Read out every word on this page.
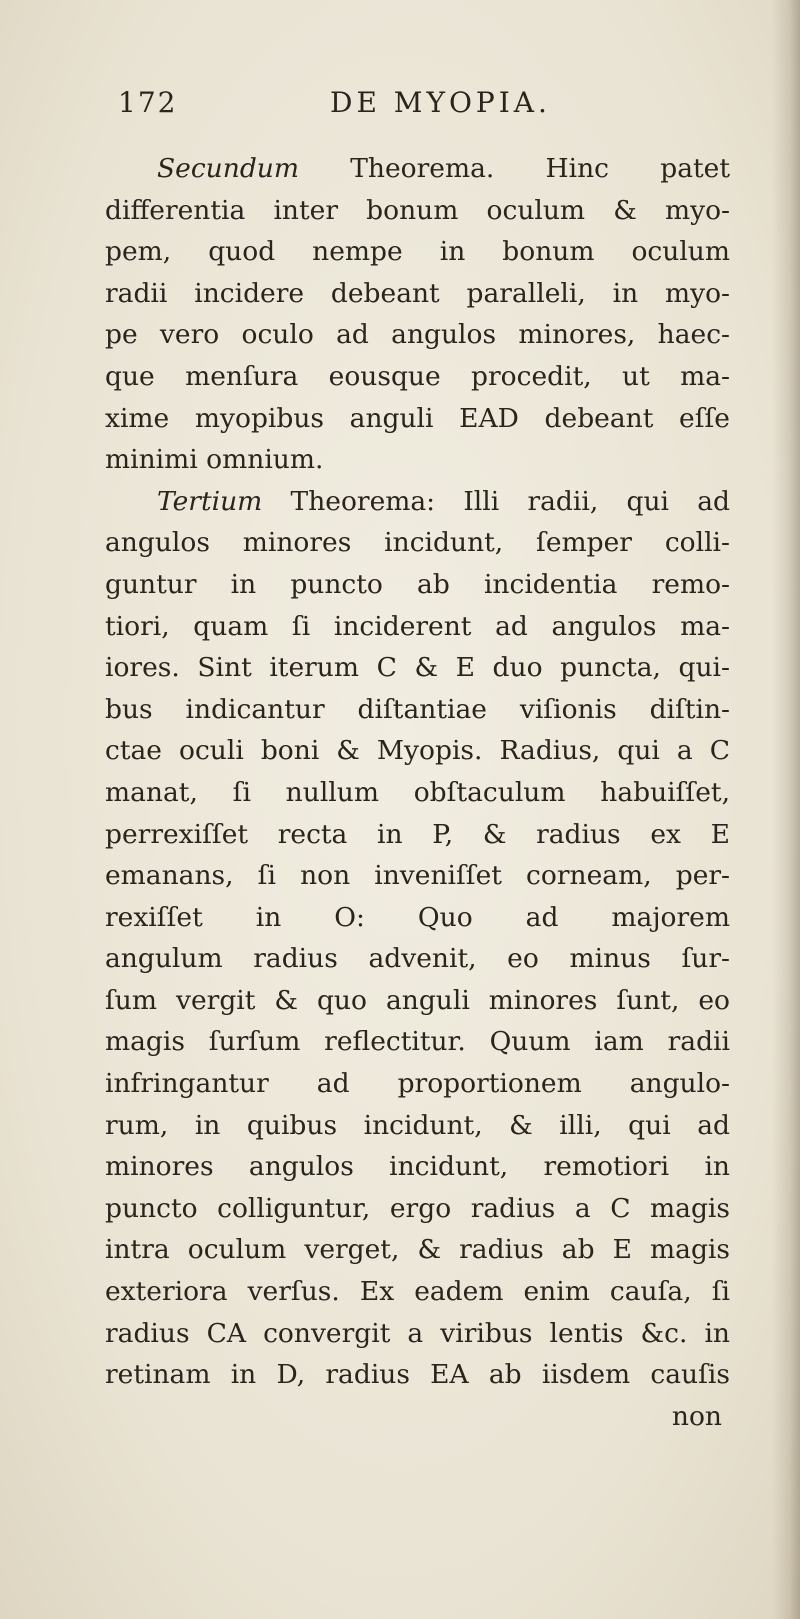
172	DE MYOPIA.
Secundum Theorema. Hinc patet
differentia inter bonum oculum & myo-
pem, quod nempe in bonum oculum
radii incidere debeant paralleli, in myo-
pe vero oculo ad angulos minores, haec-
que menſura eousque procedit, ut ma-
xime myopibus anguli EAD debeant eſſe
minimi omnium.
Tertium Theorema: Illi radii, qui ad
angulos minores incidunt, ſemper colli-
guntur in puncto ab incidentia remo-
tiori, quam ſi inciderent ad angulos ma-
iores. Sint iterum C & E duo puncta, qui-
bus indicantur diſtantiae viſionis diſtin-
ctae oculi boni & Myopis. Radius, qui a C
manat, ſi nullum obſtaculum habuiſſet,
perrexiſſet recta in P, & radius ex E
emanans, ſi non inveniſſet corneam, per-
rexiſſet in O: Quo ad majorem
angulum radius advenit, eo minus ſur-
ſum vergit & quo anguli minores ſunt, eo
magis ſurſum reflectitur. Quum iam radii
infringantur ad proportionem angulo-
rum, in quibus incidunt, & illi, qui ad
minores angulos incidunt, remotiori in
puncto colliguntur, ergo radius a C magis
intra oculum verget, & radius ab E magis
exteriora verſus. Ex eadem enim cauſa, ſi
radius CA convergit a viribus lentis &c. in
retinam in D, radius EA ab iisdem cauſis
non
